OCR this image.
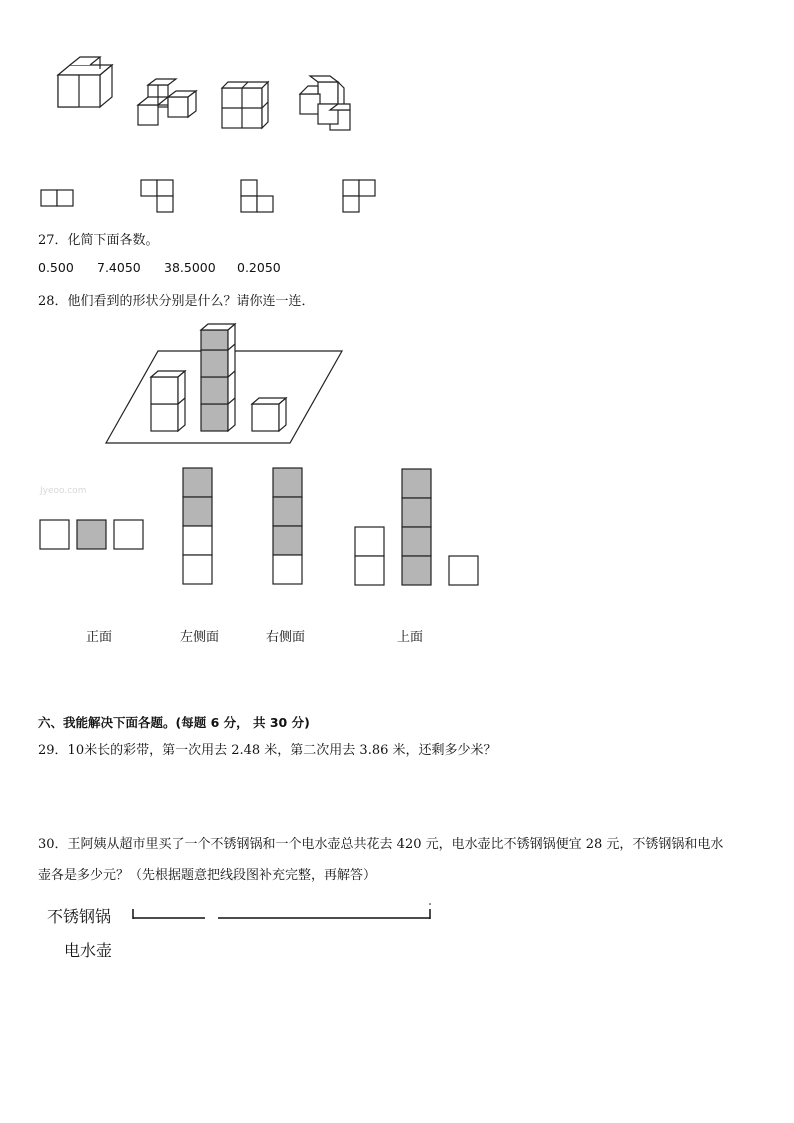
27．化简下面各数。
0.500 7.4050 38.5000 0.2050
28．他们看到的形状分别是什么？请你连一连．
Jyeoo.com
正面	左侧面	右侧面	上面
六、我能解决下面各题。(每题 6 分， 共 30 分)
29．10米长的彩带，第一次用去 2.48 米，第二次用去 3.86 米，还剩多少米？
30．王阿姨从超市里买了一个不锈钢锅和一个电水壶总共花去 420 元，电水壶比不锈钢锅便宜 28 元，不锈钢锅和电水
壶各是多少元？（先根据题意把线段图补充完整，再解答）
不锈钢锅
电水壶
